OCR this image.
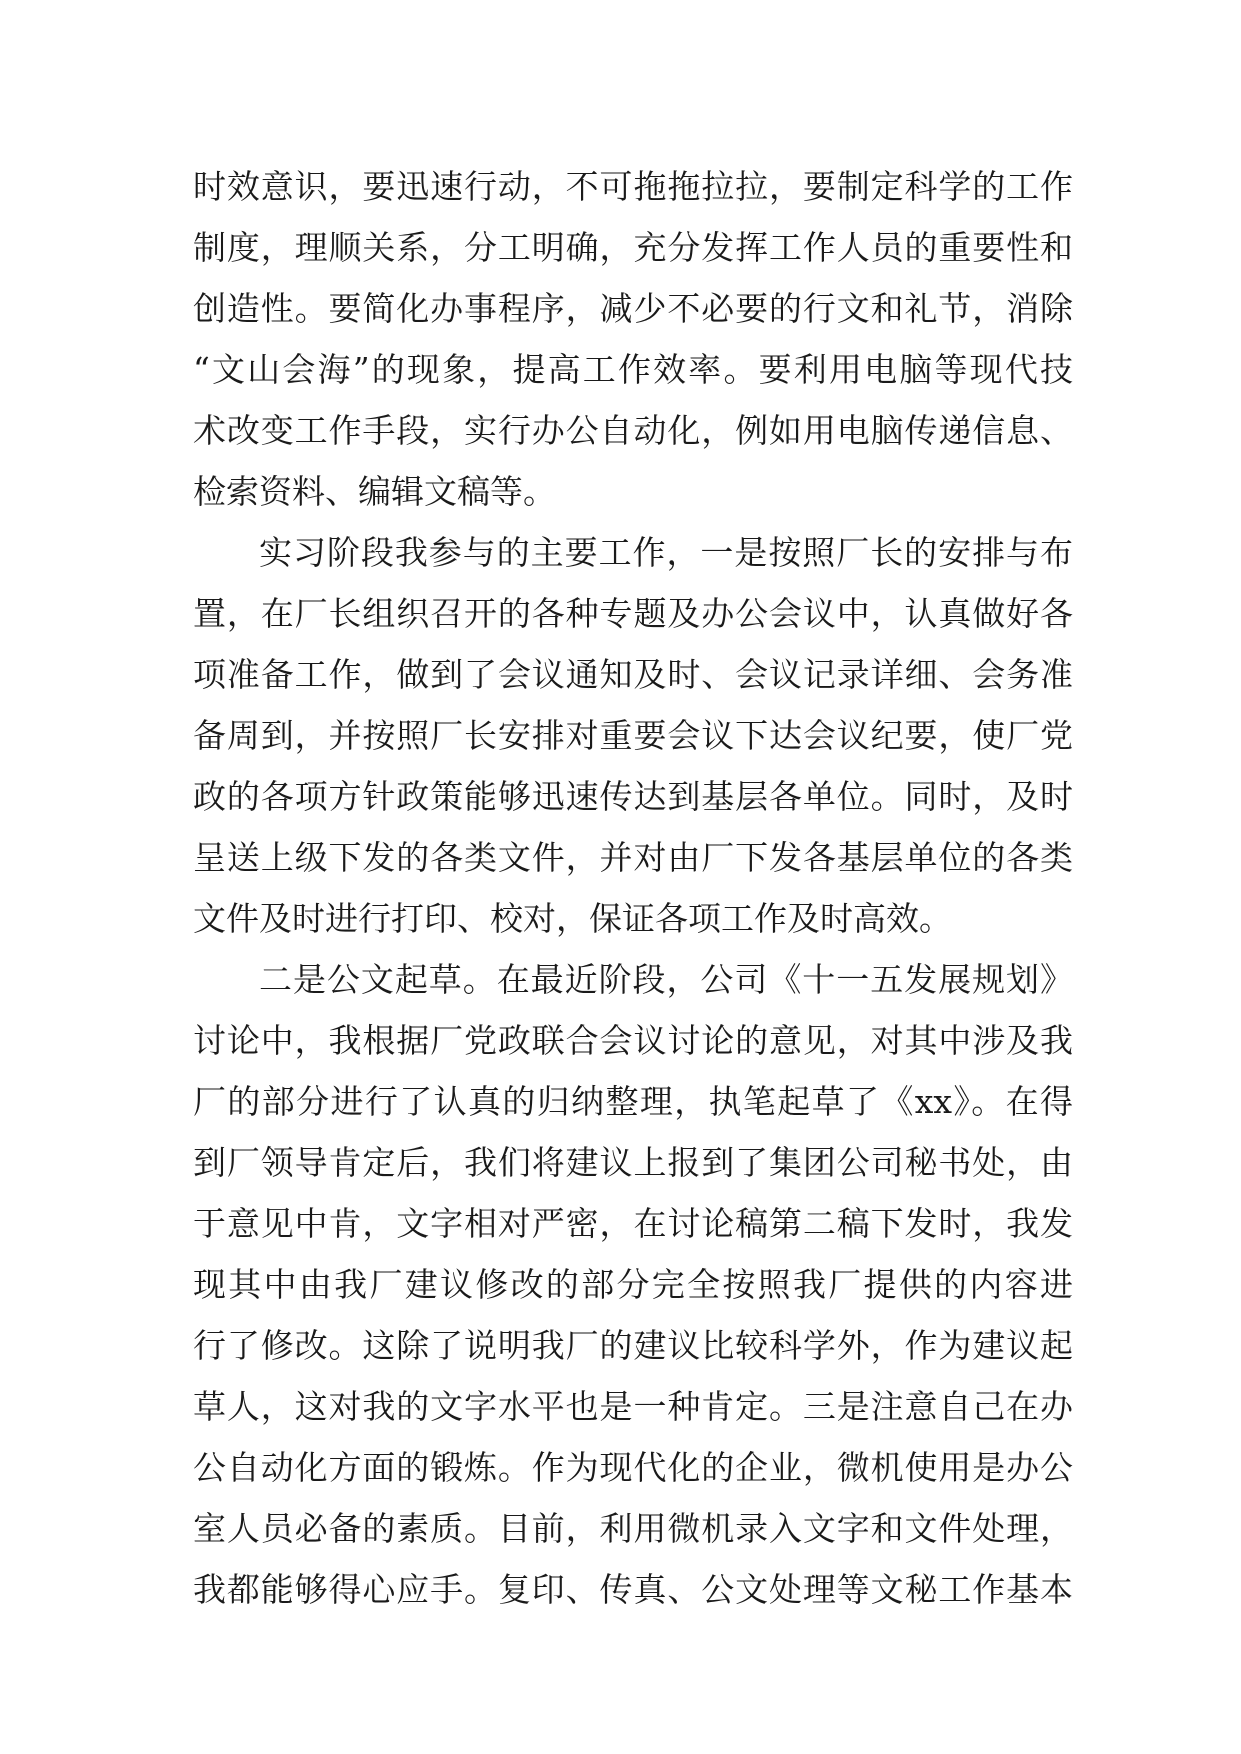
时效意识，要迅速行动，不可拖拖拉拉，要制定科学的工作
制度，理顺关系，分工明确，充分发挥工作人员的重要性和
创造性。要简化办事程序，减少不必要的行文和礼节，消除
“文山会海”的现象，提高工作效率。要利用电脑等现代技
术改变工作手段，实行办公自动化，例如用电脑传递信息、
检索资料、编辑文稿等。
实习阶段我参与的主要工作，一是按照厂长的安排与布
置，在厂长组织召开的各种专题及办公会议中，认真做好各
项准备工作，做到了会议通知及时、会议记录详细、会务准
备周到，并按照厂长安排对重要会议下达会议纪要，使厂党
政的各项方针政策能够迅速传达到基层各单位。同时，及时
呈送上级下发的各类文件，并对由厂下发各基层单位的各类
文件及时进行打印、校对，保证各项工作及时高效。
二是公文起草。在最近阶段，公司《十一五发展规划》
讨论中，我根据厂党政联合会议讨论的意见，对其中涉及我
厂的部分进行了认真的归纳整理，执笔起草了《xx》。在得
到厂领导肯定后，我们将建议上报到了集团公司秘书处，由
于意见中肯，文字相对严密，在讨论稿第二稿下发时，我发
现其中由我厂建议修改的部分完全按照我厂提供的内容进
行了修改。这除了说明我厂的建议比较科学外，作为建议起
草人，这对我的文字水平也是一种肯定。三是注意自己在办
公自动化方面的锻炼。作为现代化的企业，微机使用是办公
室人员必备的素质。目前，利用微机录入文字和文件处理，
我都能够得心应手。复印、传真、公文处理等文秘工作基本
